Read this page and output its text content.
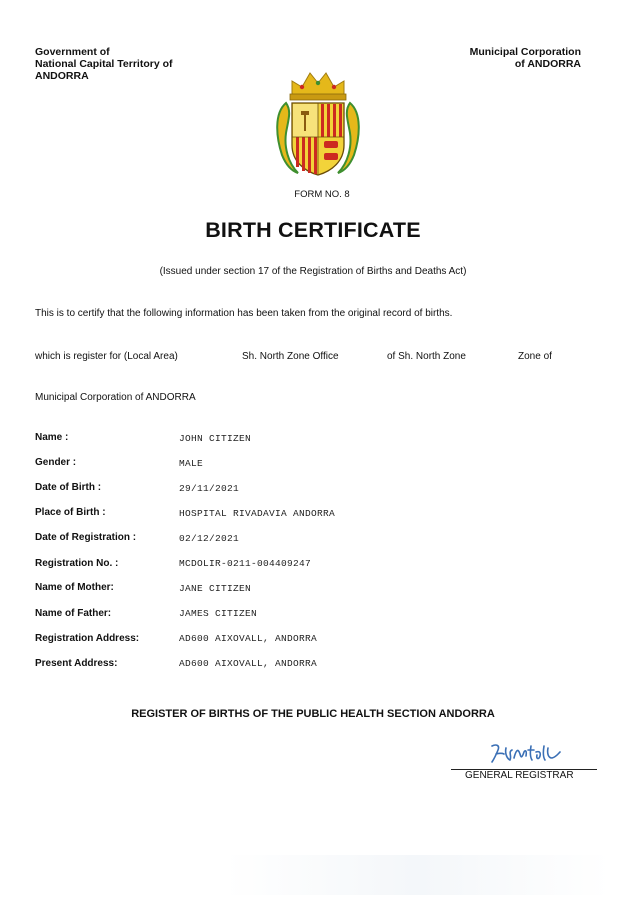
Government of
National Capital Territory of
ANDORRA
Municipal Corporation
of ANDORRA
FORM NO. 8
BIRTH CERTIFICATE
(Issued under section 17 of the Registration of Births and Deaths Act)
This is to certify that the following information has been taken from the original record of births.
which is register for (Local Area)	Sh. North Zone Office	of Sh. North Zone	Zone of
Municipal Corporation of ANDORRA
Name :	JOHN CITIZEN
Gender :	MALE
Date of Birth :	29/11/2021
Place of Birth :	HOSPITAL RIVADAVIA ANDORRA
Date of Registration :	02/12/2021
Registration No. :	MCDOLIR-0211-004409247
Name of Mother:	JANE CITIZEN
Name of Father:	JAMES CITIZEN
Registration Address:	AD600 AIXOVALL, ANDORRA
Present Address:	AD600 AIXOVALL, ANDORRA
REGISTER OF BIRTHS OF THE PUBLIC HEALTH SECTION ANDORRA
GENERAL REGISTRAR
